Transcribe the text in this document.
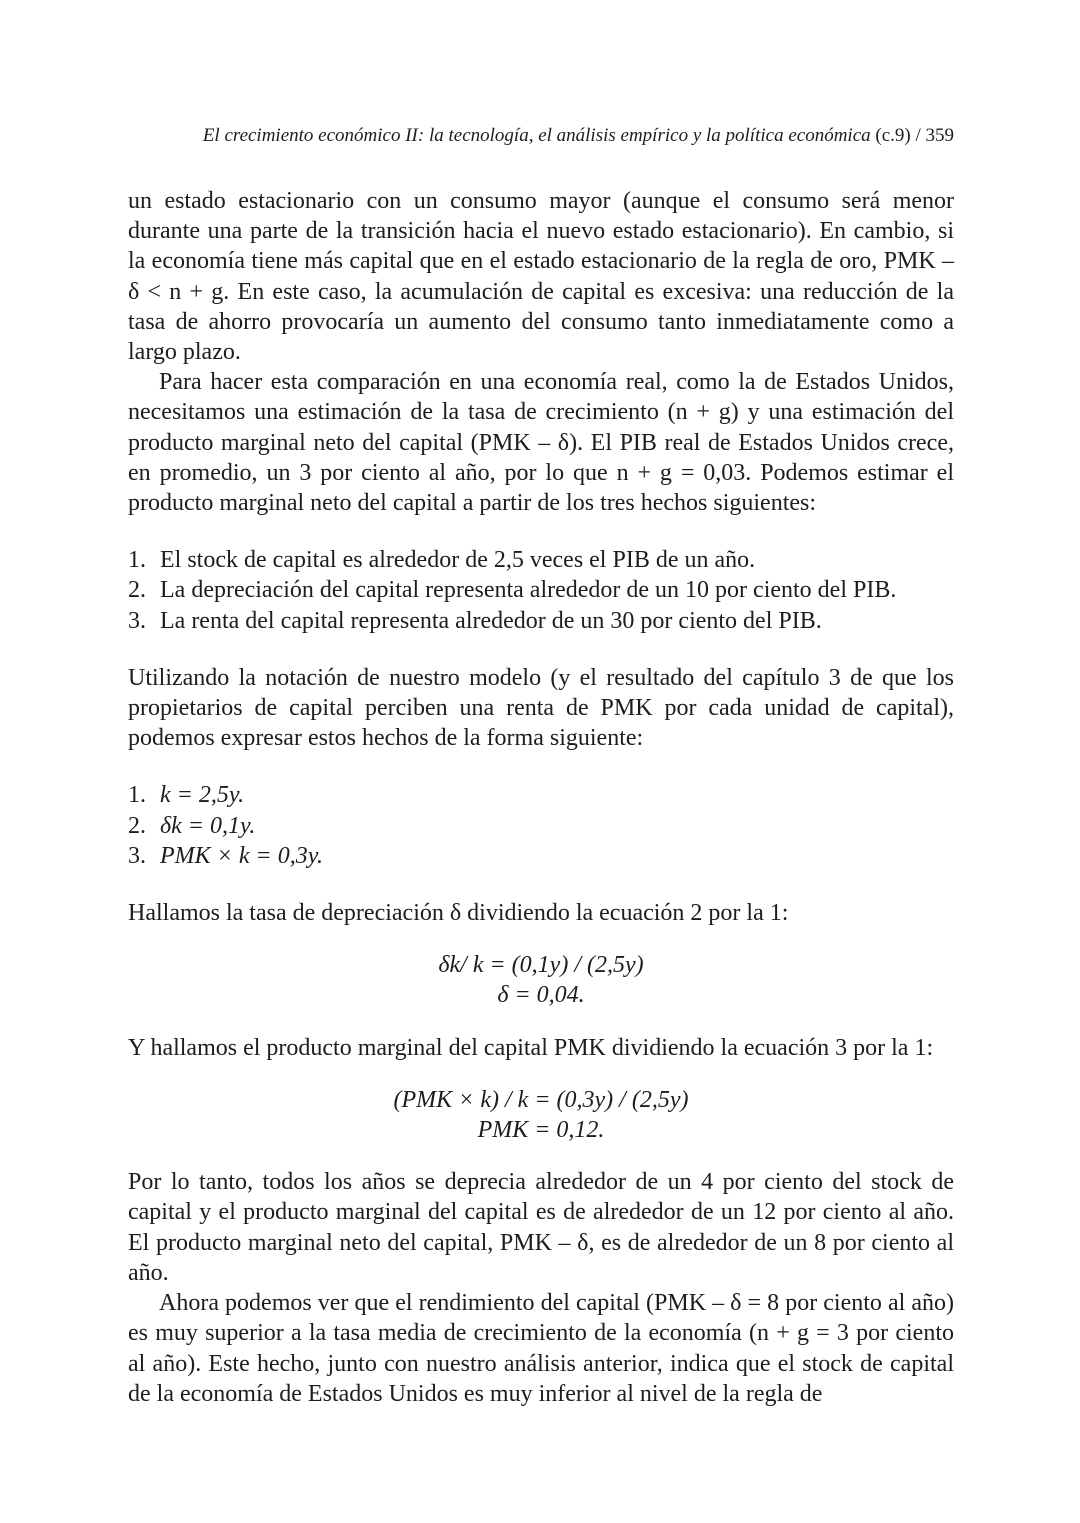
El crecimiento económico II: la tecnología, el análisis empírico y la política económica (c.9) / 359

un estado estacionario con un consumo mayor (aunque el consumo será menor durante una parte de la transición hacia el nuevo estado estacionario). En cambio, si la economía tiene más capital que en el estado estacionario de la regla de oro, PMK – δ < n + g. En este caso, la acumulación de capital es excesiva: una reducción de la tasa de ahorro provocaría un aumento del consumo tanto inmediatamente como a largo plazo.

Para hacer esta comparación en una economía real, como la de Estados Unidos, necesitamos una estimación de la tasa de crecimiento (n + g) y una estimación del producto marginal neto del capital (PMK – δ). El PIB real de Estados Unidos crece, en promedio, un 3 por ciento al año, por lo que n + g = 0,03. Podemos estimar el producto marginal neto del capital a partir de los tres hechos siguientes:

1. El stock de capital es alrededor de 2,5 veces el PIB de un año.
2. La depreciación del capital representa alrededor de un 10 por ciento del PIB.
3. La renta del capital representa alrededor de un 30 por ciento del PIB.

Utilizando la notación de nuestro modelo (y el resultado del capítulo 3 de que los propietarios de capital perciben una renta de PMK por cada unidad de capital), podemos expresar estos hechos de la forma siguiente:

1. k = 2,5y.
2. δk = 0,1y.
3. PMK × k = 0,3y.

Hallamos la tasa de depreciación δ dividiendo la ecuación 2 por la 1:

δk/ k = (0,1y) / (2,5y)
δ = 0,04.

Y hallamos el producto marginal del capital PMK dividiendo la ecuación 3 por la 1:

(PMK × k) / k = (0,3y) / (2,5y)
PMK = 0,12.

Por lo tanto, todos los años se deprecia alrededor de un 4 por ciento del stock de capital y el producto marginal del capital es de alrededor de un 12 por ciento al año. El producto marginal neto del capital, PMK – δ, es de alrededor de un 8 por ciento al año.

Ahora podemos ver que el rendimiento del capital (PMK – δ = 8 por ciento al año) es muy superior a la tasa media de crecimiento de la economía (n + g = 3 por ciento al año). Este hecho, junto con nuestro análisis anterior, indica que el stock de capital de la economía de Estados Unidos es muy inferior al nivel de la regla de
